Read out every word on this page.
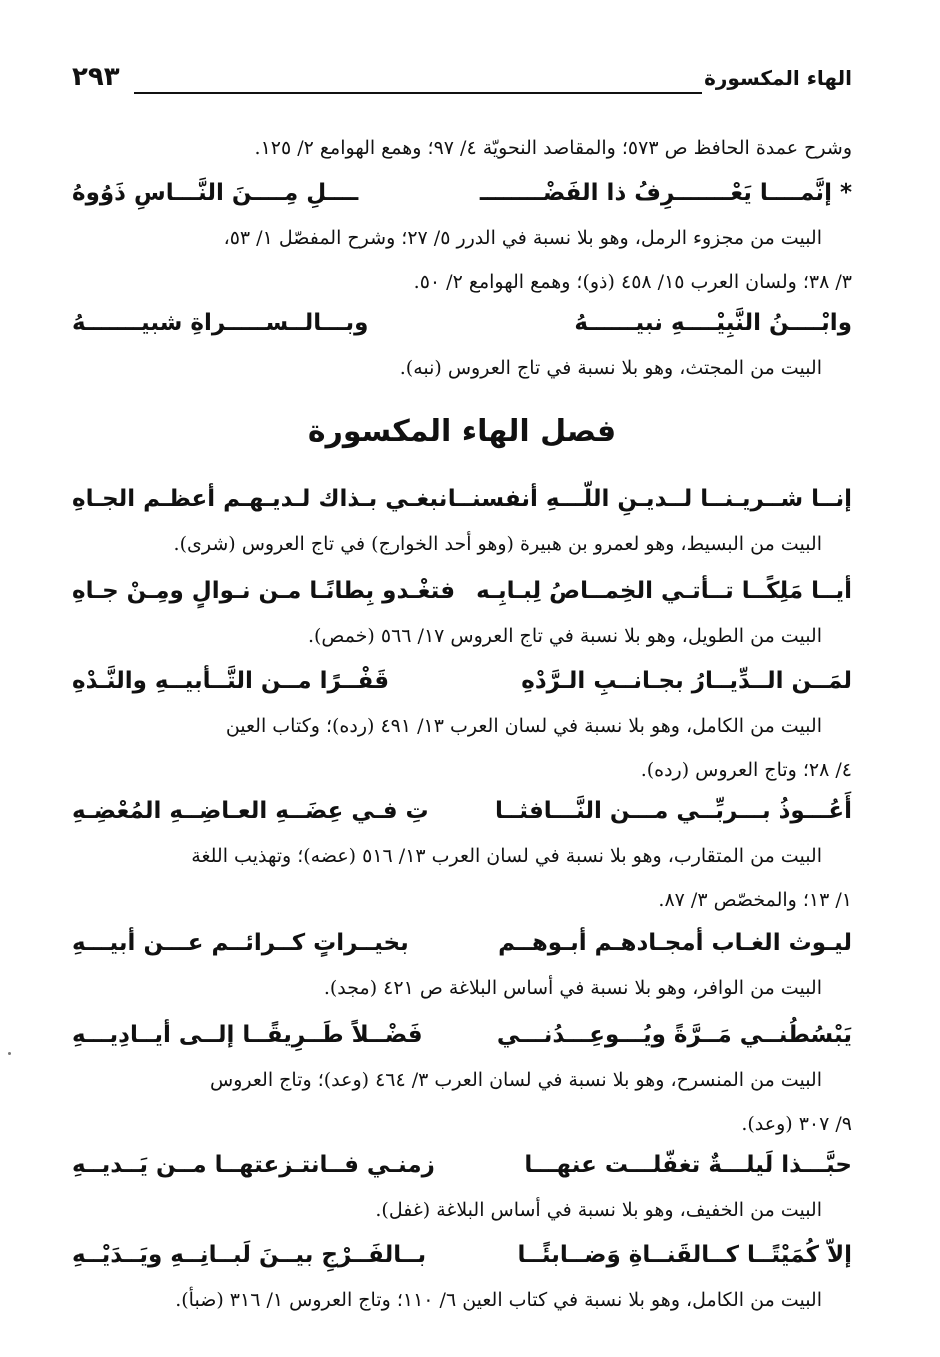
الهاء المكسورة
٢٩٣
وشرح عمدة الحافظ ص ٥٧٣؛ والمقاصد النحويّة ٤/ ٩٧؛ وهمع الهوامع ٢/ ١٢٥.
* إنَّمــــا يَعْـــــــرِفُ ذا الفَضْــــــــ
ــــلِ مِــــنَ النَّـــاسِ ذَوُوهُ
البيت من مجزوء الرمل، وهو بلا نسبة في الدرر ٥/ ٢٧؛ وشرح المفصّل ١/ ٥٣،
٣/ ٣٨؛ ولسان العرب ١٥/ ٤٥٨ (ذو)؛ وهمع الهوامع ٢/ ٥٠.
وابْــــنُ النَّبِيْــــهِ نبيــــــهُ
وبـــالــســـــراةِ شبيـــــــهُ
البيت من المجتث، وهو بلا نسبة في تاج العروس (نبه).
فصل الهاء المكسورة
إنــا شــريـنــا لــديـنِ اللّـــهِ أنفسنــا
نبغـي بـذاك لـديـهـم أعظـم الجـاهِ
البيت من البسيط، وهو لعمرو بن هبيرة (وهو أحد الخوارج) في تاج العروس (شرى).
أيــا مَلِكًــا تــأتـي الخِمــاصُ لِبـابِـه
فتغْـدو بِطانًـا مـن نـوالٍ ومِـنْ جـاهِ
البيت من الطويل، وهو بلا نسبة في تاج العروس ١٧/ ٥٦٦ (خمص).
لمَــن الــدِّيــارُ بجـانــبِ الـرَّدْهِ
قَفْــرًا مــن التَّــأبيــهِ والنَّـدْهِ
البيت من الكامل، وهو بلا نسبة في لسان العرب ١٣/ ٤٩١ (رده)؛ وكتاب العين
٤/ ٢٨؛ وتاج العروس (رده).
أَعُـــوذُ بـــربِّــي مـــن النَّـــافثــا
تِ فـي عِضَــهِ العـاضِــهِ المُعْضِـهِ
البيت من المتقارب، وهو بلا نسبة في لسان العرب ١٣/ ٥١٦ (عضه)؛ وتهذيب اللغة
١/ ١٣؛ والمخصّص ٣/ ٨٧.
ليـوث الغـاب أمجـادهـم أبـوهــم
بخيــراتٍ كــرائــم عـــن أبيـــهِ
البيت من الوافر، وهو بلا نسبة في أساس البلاغة ص ٤٢١ (مجد).
يَبْسُطُنــي مَــرَّةً ويُـــوعِـــدُنـــي
فَضْــلاً طَــرِيقًــا إلــى أيــادِيـــهِ
البيت من المنسرح، وهو بلا نسبة في لسان العرب ٣/ ٤٦٤ (وعد)؛ وتاج العروس
٩/ ٣٠٧ (وعد).
حبَّـــذا لَيلـــةٌ تغفّلـــت عنهـــا
زمنـي فــانتـزعتهــا مــن يَــديــهِ
البيت من الخفيف، وهو بلا نسبة في أساس البلاغة (غفل).
إلاّ كُمَيْتًــا كــالقَنــاةِ وَضــابئًــا
بــالفَــرْجِ بيــنَ لَبــانِــهِ ويَــدَيْــهِ
البيت من الكامل، وهو بلا نسبة في كتاب العين ٦/ ١١٠؛ وتاج العروس ١/ ٣١٦ (ضبأ).
